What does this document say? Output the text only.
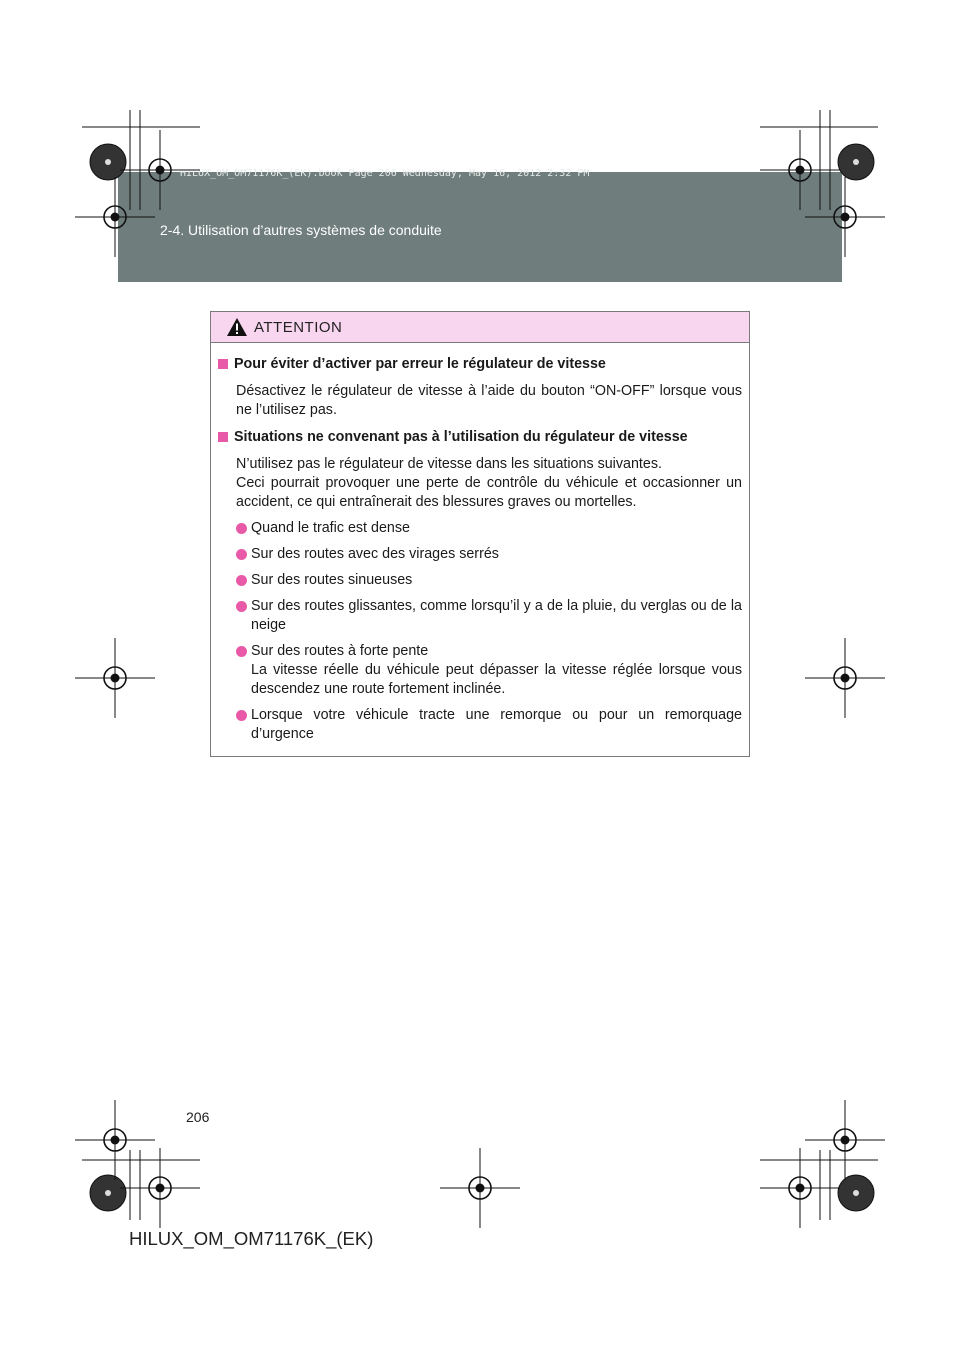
HILUX_OM_OM71176K_(EK).book Page 206 Wednesday, May 16, 2012 2:32 PM
2-4. Utilisation d’autres systèmes de conduite
ATTENTION
Pour éviter d’activer par erreur le régulateur de vitesse
Désactivez le régulateur de vitesse à l’aide du bouton “ON-OFF” lorsque vous ne l’utilisez pas.
Situations ne convenant pas à l’utilisation du régulateur de vitesse
N’utilisez pas le régulateur de vitesse dans les situations suivantes.
Ceci pourrait provoquer une perte de contrôle du véhicule et occasionner un accident, ce qui entraînerait des blessures graves ou mortelles.
Quand le trafic est dense
Sur des routes avec des virages serrés
Sur des routes sinueuses
Sur des routes glissantes, comme lorsqu’il y a de la pluie, du verglas ou de la neige
Sur des routes à forte pente
La vitesse réelle du véhicule peut dépasser la vitesse réglée lorsque vous descendez une route fortement inclinée.
Lorsque votre véhicule tracte une remorque ou pour un remorquage d’urgence
206
HILUX_OM_OM71176K_(EK)
